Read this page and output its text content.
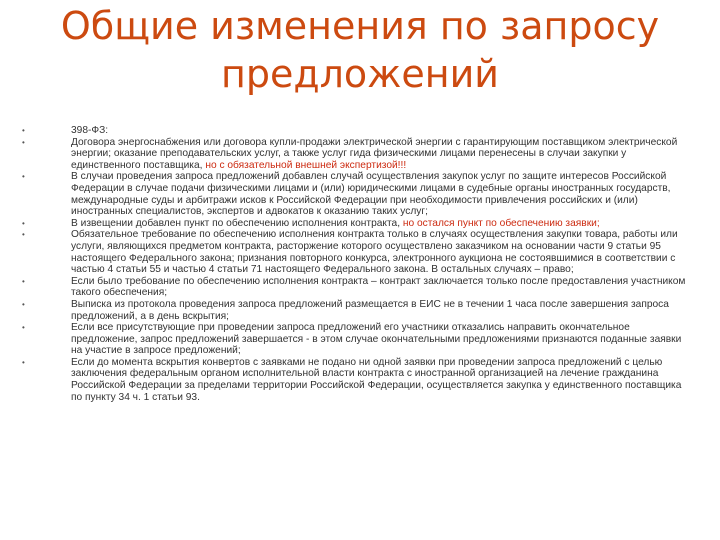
Общие изменения по запросу
предложений
•	398-ФЗ:
•	Договора энергоснабжения или договора купли-продажи электрической энергии с гарантирующим поставщиком электрической энергии; оказание преподавательских услуг, а также услуг гида физическими лицами перенесены в случаи закупки у единственного поставщика, но с обязательной внешней экспертизой!!!
•	В случаи проведения запроса предложений добавлен случай осуществления закупок услуг по защите интересов Российской Федерации в случае подачи физическими лицами и (или) юридическими лицами в судебные органы иностранных государств, международные суды и арбитражи исков к Российской Федерации при необходимости привлечения российских и (или) иностранных специалистов, экспертов и адвокатов к оказанию таких услуг;
•	В извещении добавлен пункт по обеспечению исполнения контракта, но остался пункт по обеспечению заявки;
•	Обязательное требование по обеспечению исполнения контракта только в случаях осуществления закупки товара, работы или услуги, являющихся предметом контракта, расторжение которого осуществлено заказчиком на основании части 9 статьи 95 настоящего Федерального закона; признания повторного конкурса, электронного аукциона не состоявшимися в соответствии с частью 4 статьи 55 и частью 4 статьи 71 настоящего Федерального закона. В остальных случаях – право;
•	Если было требование по обеспечению исполнения контракта – контракт заключается только после предоставления участником такого обеспечения;
•	Выписка из протокола проведения запроса предложений размещается в ЕИС не в течении 1 часа после завершения запроса предложений, а в день вскрытия;
•	Если все присутствующие при проведении запроса предложений его участники отказались направить окончательное предложение, запрос предложений завершается - в этом случае окончательными предложениями признаются поданные заявки на участие в запросе предложений;
•	Если до момента вскрытия конвертов с заявками не подано ни одной заявки при проведении запроса предложений с целью заключения федеральным органом исполнительной власти контракта с иностранной организацией на лечение гражданина Российской Федерации за пределами территории Российской Федерации, осуществляется закупка у единственного поставщика по пункту 34 ч. 1 статьи 93.
